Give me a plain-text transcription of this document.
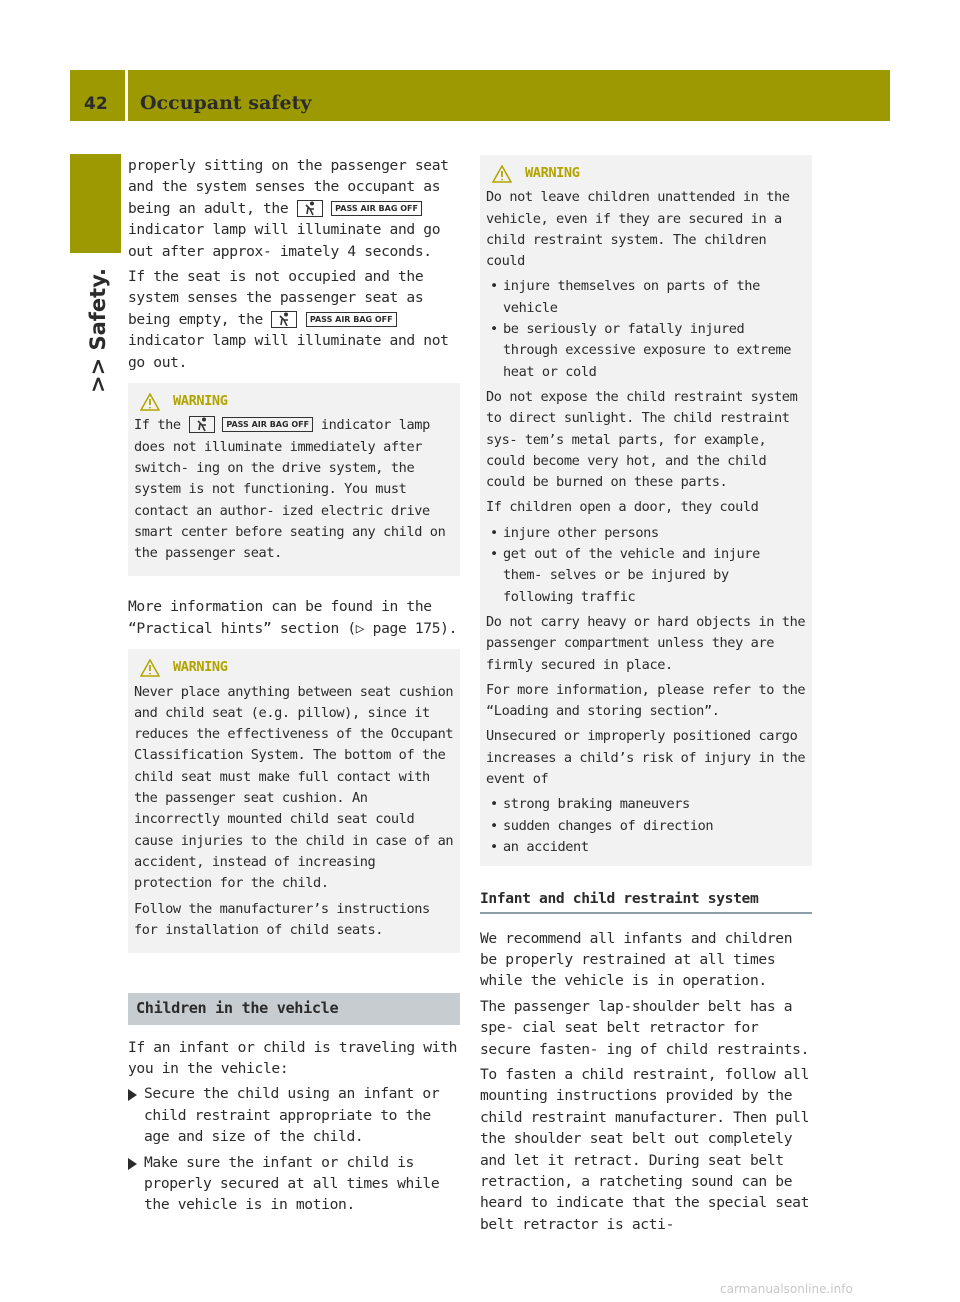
42 Occupant safety
>> Safety.
properly sitting on the passenger seat and the system senses the occupant as being an adult, the	PASS AIR BAG OFF indicator lamp will illuminate and go out after approx- imately 4 seconds.
If the seat is not occupied and the system senses the passenger seat as being empty, the	PASS AIR BAG OFF indicator lamp will illuminate and not go out.
WARNING
If the	PASS AIR BAG OFF indicator lamp does not illuminate immediately after switch- ing on the drive system, the system is not functioning. You must contact an author- ized electric drive smart center before seating any child on the passenger seat.
More information can be found in the “Practical hints” section (▷ page 175).
WARNING
Never place anything between seat cushion and child seat (e.g. pillow), since it reduces the effectiveness of the Occupant Classification System. The bottom of the child seat must make full contact with the passenger seat cushion. An incorrectly mounted child seat could cause injuries to the child in case of an accident, instead of increasing protection for the child.
Follow the manufacturer’s instructions for installation of child seats.
Children in the vehicle
If an infant or child is traveling with you in the vehicle:
Secure the child using an infant or child restraint appropriate to the age and size of the child.
Make sure the infant or child is properly secured at all times while the vehicle is in motion.
WARNING
Do not leave children unattended in the vehicle, even if they are secured in a child restraint system. The children could
• injure themselves on parts of the vehicle
• be seriously or fatally injured through excessive exposure to extreme heat or cold
Do not expose the child restraint system to direct sunlight. The child restraint sys- tem’s metal parts, for example, could become very hot, and the child could be burned on these parts.
If children open a door, they could
• injure other persons
• get out of the vehicle and injure them- selves or be injured by following traffic
Do not carry heavy or hard objects in the passenger compartment unless they are firmly secured in place.
For more information, please refer to the “Loading and storing section”.
Unsecured or improperly positioned cargo increases a child’s risk of injury in the event of
• strong braking maneuvers
• sudden changes of direction
• an accident
Infant and child restraint system
We recommend all infants and children be properly restrained at all times while the vehicle is in operation.
The passenger lap-shoulder belt has a spe- cial seat belt retractor for secure fasten- ing of child restraints.
To fasten a child restraint, follow all mounting instructions provided by the child restraint manufacturer. Then pull the shoulder seat belt out completely and let it retract. During seat belt retraction, a ratcheting sound can be heard to indicate that the special seat belt retractor is acti-
carmanualsonline.info
